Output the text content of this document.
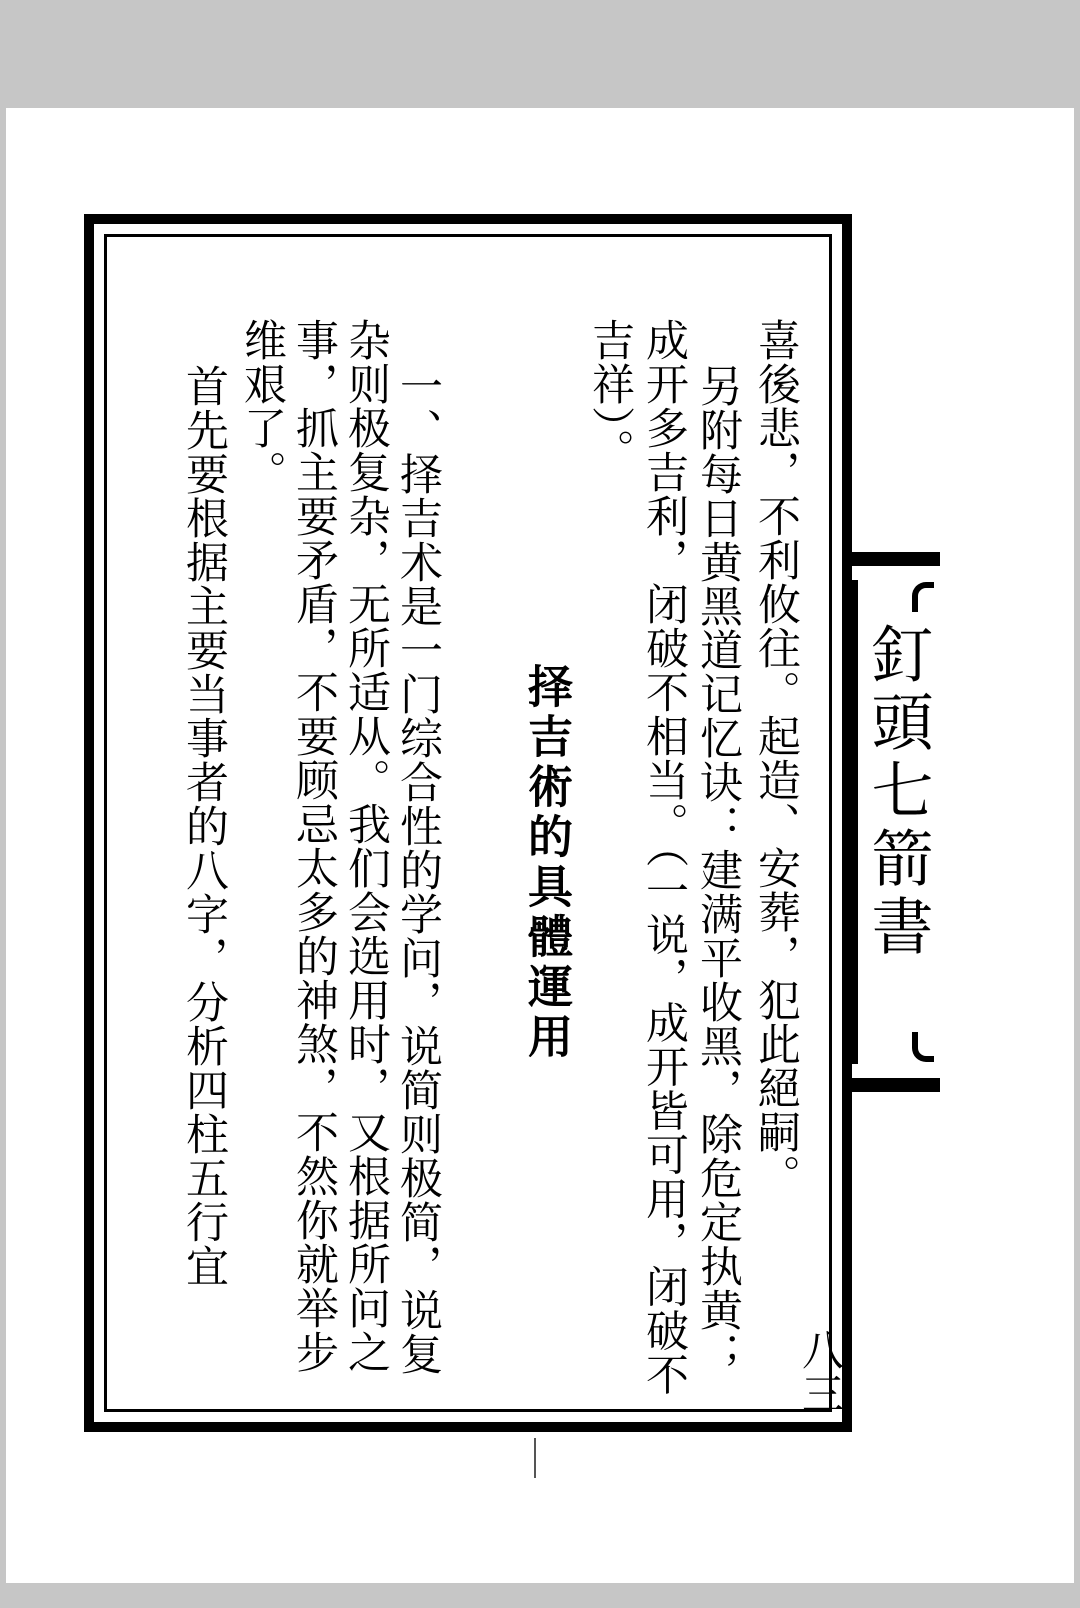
八三
喜後悲，不利攸往。起造、安葬，犯此絕嗣。
另附每日黄黑道记忆诀：建满平收黑，除危定执黄；
成开多吉利，闭破不相当。（一说，成开皆可用，闭破不
吉祥）。
择吉術的具體運用
一、择吉术是一门综合性的学问，说简则极简，说复
杂则极复杂，无所适从。我们会选用时，又根据所问之
事，抓主要矛盾，不要顾忌太多的神煞，不然你就举步
维艰了。
首先要根据主要当事者的八字，分析四柱五行宜	釘頭七箭書
